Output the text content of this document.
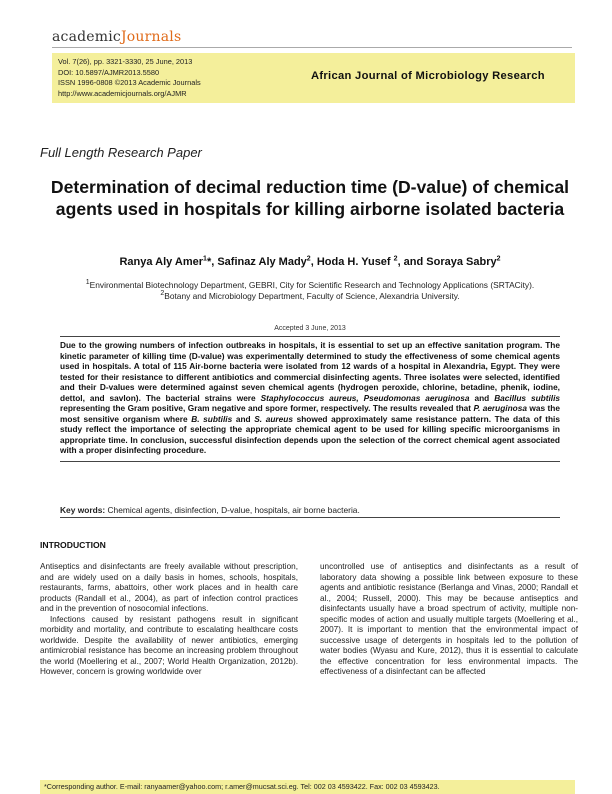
academicJournals
Vol. 7(26), pp. 3321-3330, 25 June, 2013
DOI: 10.5897/AJMR2013.5580
ISSN 1996-0808 ©2013 Academic Journals
http://www.academicjournals.org/AJMR
African Journal of Microbiology Research
Full Length Research Paper
Determination of decimal reduction time (D-value) of chemical agents used in hospitals for killing airborne isolated bacteria
Ranya Aly Amer$^1$*, Safinaz Aly Mady$^2$, Hoda H. Yusef $^2$, and Soraya Sabry$^2$
$^1$Environmental Biotechnology Department, GEBRI, City for Scientific Research and Technology Applications (SRTACity).
$^2$Botany and Microbiology Department, Faculty of Science, Alexandria University.
Accepted 3 June, 2013
Due to the growing numbers of infection outbreaks in hospitals, it is essential to set up an effective sanitation program. The kinetic parameter of killing time (D-value) was experimentally determined to study the effectiveness of some chemical agents used in hospitals. A total of 115 Air-borne bacteria were isolated from 12 wards of a hospital in Alexandria, Egypt. They were tested for their resistance to different antibiotics and commercial disinfecting agents. Three isolates were selected, identified and their D-values were determined against seven chemical agents (hydrogen peroxide, chlorine, betadine, phenik, iodine, dettol, and savlon). The bacterial strains were Staphylococcus aureus, Pseudomonas aeruginosa and Bacillus subtilis representing the Gram positive, Gram negative and spore former, respectively. The results revealed that P. aeruginosa was the most sensitive organism where B. subtilis and S. aureus showed approximately same resistance pattern. The data of this study reflect the importance of selecting the appropriate chemical agent to be used for killing specific microorganisms in appropriate time. In conclusion, successful disinfection depends upon the selection of the correct chemical agent associated with a proper disinfecting procedure.
Key words: Chemical agents, disinfection, D-value, hospitals, air borne bacteria.
INTRODUCTION

Antiseptics and disinfectants are freely available without prescription, and are widely used on a daily basis in homes, schools, hospitals, restaurants, farms, abattoirs, other work places and in health care products (Randall et al., 2004), as part of infection control practices and in the prevention of nosocomial infections.

Infections caused by resistant pathogens result in significant morbidity and mortality, and contribute to escalating healthcare costs worldwide. Despite the availability of newer antibiotics, emerging antimicrobial resistance has become an increasing problem throughout the world (Moellering et al., 2007; World Health Organization, 2012b). However, concern is growing worldwide over

uncontrolled use of antiseptics and disinfectants as a result of laboratory data showing a possible link between exposure to these agents and antibiotic resistance (Berlanga and Vinas, 2000; Randall et al., 2004; Russell, 2000). This may be because antiseptics and disinfectants usually have a broad spectrum of activity, multiple non-specific modes of action and usually multiple targets (Moellering et al., 2007). It is important to mention that the environmental impact of successive usage of detergents in hospitals led to the pollution of water bodies (Wyasu and Kure, 2012), thus it is essential to calculate the effective concentration for less environmental impacts. The effectiveness of a disinfectant can be affected

*Corresponding author. E-mail: ranyaamer@yahoo.com; r.amer@mucsat.sci.eg. Tel: 002 03 4593422. Fax: 002 03 4593423.
